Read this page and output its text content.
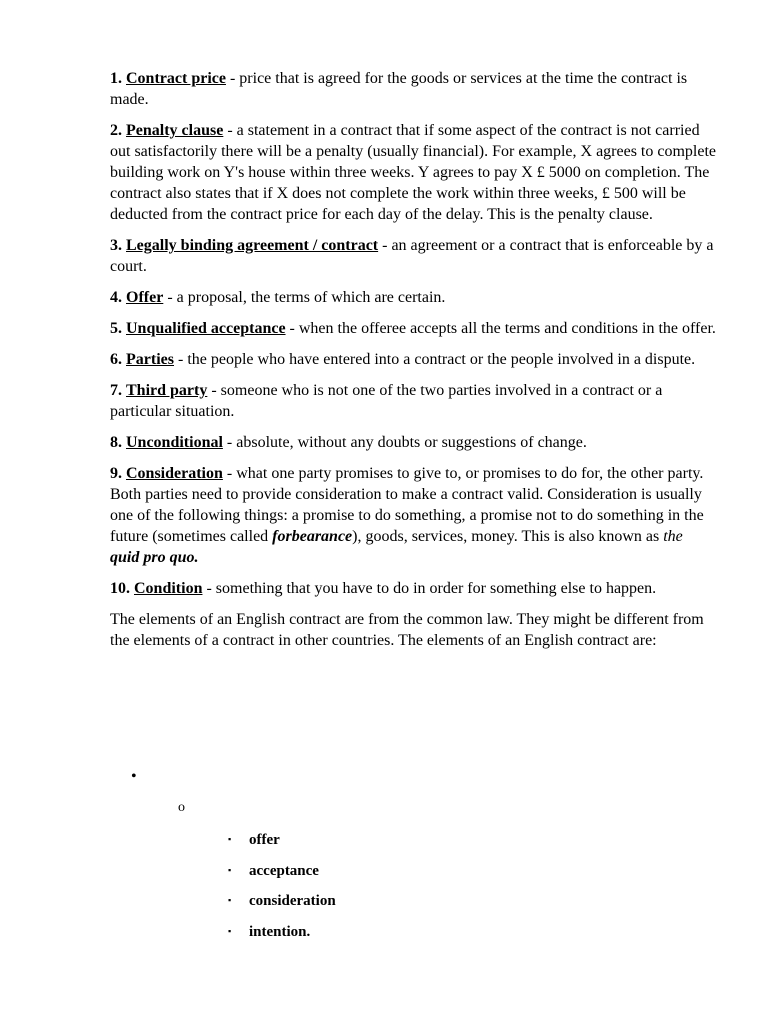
1. Contract price - price that is agreed for the goods or services at the time the contract is made.
2. Penalty clause - a statement in a contract that if some aspect of the contract is not carried out satisfactorily there will be a penalty (usually financial). For example, X agrees to complete building work on Y's house within three weeks. Y agrees to pay X £ 5000 on completion. The contract also states that if X does not complete the work within three weeks, £ 500 will be deducted from the contract price for each day of the delay. This is the penalty clause.
3. Legally binding agreement / contract - an agreement or a contract that is enforceable by a court.
4. Offer - a proposal, the terms of which are certain.
5. Unqualified acceptance - when the offeree accepts all the terms and conditions in the offer.
6. Parties - the people who have entered into a contract or the people involved in a dispute.
7. Third party - someone who is not one of the two parties involved in a contract or a particular situation.
8. Unconditional - absolute, without any doubts or suggestions of change.
9. Consideration - what one party promises to give to, or promises to do for, the other party. Both parties need to provide consideration to make a contract valid. Consideration is usually one of the following things: a promise to do something, a promise not to do something in the future (sometimes called forbearance), goods, services, money. This is also known as the quid pro quo.
10. Condition - something that you have to do in order for something else to happen.
The elements of an English contract are from the common law. They might be different from the elements of a contract in other countries. The elements of an English contract are:
•
o
▪ offer
▪ acceptance
▪ consideration
▪ intention.
